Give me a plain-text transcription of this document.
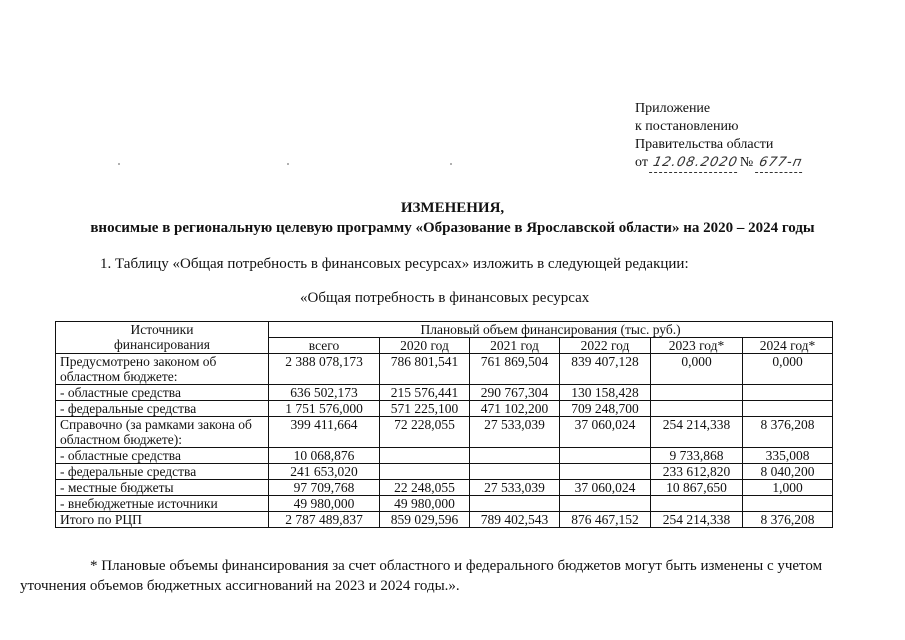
Приложение
к постановлению
Правительства области
от 12.08.2020№ 677-п
ИЗМЕНЕНИЯ,
вносимые в региональную целевую программу «Образование в Ярославской области» на 2020 – 2024 годы
1. Таблицу «Общая потребность в финансовых ресурсах» изложить в следующей редакции:
«Общая потребность в финансовых ресурсах
Источники финансирования	Плановый объем финансирования (тыс. руб.)					
	всего	2020 год	2021 год	2022 год	2023 год*	2024 год*
Предусмотрено законом об областном бюджете:	2 388 078,173	786 801,541	761 869,504	839 407,128	0,000	0,000
- областные средства	636 502,173	215 576,441	290 767,304	130 158,428		
- федеральные средства	1 751 576,000	571 225,100	471 102,200	709 248,700		
Справочно (за рамками закона об областном бюджете):	399 411,664	72 228,055	27 533,039	37 060,024	254 214,338	8 376,208
- областные средства	10 068,876				9 733,868	335,008
- федеральные средства	241 653,020				233 612,820	8 040,200
- местные бюджеты	97 709,768	22 248,055	27 533,039	37 060,024	10 867,650	1,000
- внебюджетные источники	49 980,000	49 980,000				
Итого по РЦП	2 787 489,837	859 029,596	789 402,543	876 467,152	254 214,338	8 376,208
* Плановые объемы финансирования за счет областного и федерального бюджетов могут быть изменены с учетом уточнения объемов бюджетных ассигнований на 2023 и 2024 годы.».
